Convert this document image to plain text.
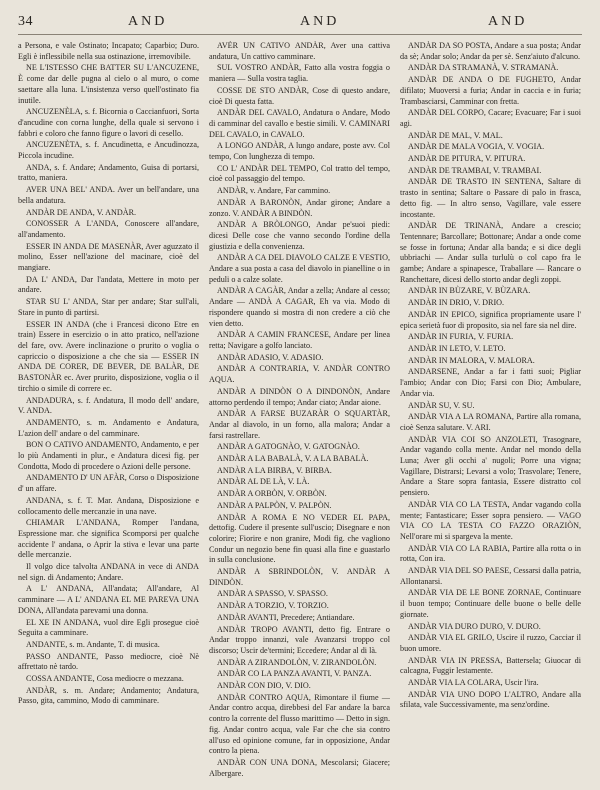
34	AND	AND	AND

a Persona, e vale Ostinato; Incapato; Caparbio; Duro. Egli è inflessibile nella sua ostinazione, irremovibile.

NE L'ISTESSO CHE BATTER SU L'ANCUZENE, È come dar delle pugna al cielo o al muro, o come saettare alla luna. L'insistenza verso quell'ostinato fia inutile.

ANCUZENÈLA, s. f. Bicornia o Caccianfuori, Sorta d'ancudine con corna lunghe, della quale si servono i fabbri e coloro che fanno figure o lavori di cesello.

ANCUZENÈTA, s. f. Ancudinetta, e Ancudinozza, Piccola incudine.

ANDA, s. f. Andare; Andamento, Guisa di portarsi, tratto, maniera.

AVER UNA BEL' ANDA. Aver un bell'andare, una bella andatura.

ANDÀR DE ANDA, V. ANDÀR.

CONOSSER A L'ANDA, Conoscere all'andare, all'andamento.

ESSER IN ANDA DE MASENÀR, Aver aguzzato il molino, Esser nell'azione del macinare, cioè del mangiare.

DA L' ANDA, Dar l'andata, Mettere in moto per andare.

STAR SU L' ANDA, Star per andare; Star sull'ali, Stare in punto di partirsi.

ESSER IN ANDA (che i Francesi dicono Etre en train) Essere in esercizio o in atto pratico, nell'azione del fare, ovv. Avere inclinazione o prurito o voglia o capriccio o disposizione a che che sia — ESSER IN ANDA DE CORER, DE BEVER, DE BALÀR, DE BASTONÀR ec. Aver prurito, disposizione, voglia o il tirchio o simile di correre ec.

ANDADURA, s. f. Andatura, Il modo dell' andare, V. ANDA.

ANDAMENTO, s. m. Andamento e Andatura, L'azion dell' andare o del camminare.

BON O CATIVO ANDAMENTO, Andamento, e per lo più Andamenti in plur., e Andatura dicesi fig. per Condotta, Modo di procedere o Azioni delle persone.

ANDAMENTO D' UN AFÀR, Corso o Disposizione d' un affare.

ANDANA, s. f. T. Mar. Andana, Disposizione e collocamento delle mercanzie in una nave.

CHIAMAR L'ANDANA, Romper l'andana, Espressione mar. che significa Scomporsi per qualche accidente l' andana, o Aprir la stiva e levar una parte delle mercanzie.

Il volgo dice talvolta ANDANA in vece di ANDA nel sign. di Andamento; Andare.

A L' ANDANA, All'andata; All'andare, Al camminare — A L' ANDANA EL ME PAREVA UNA DONA, All'andata parevami una donna.

EL XE IN ANDANA, vuol dire Egli prosegue cioè Seguita a camminare.

ANDANTE, s. m. Andante, T. di musica.

PASSO ANDANTE, Passo mediocre, cioè Nè affrettato nè tardo.

COSSA ANDANTE, Cosa mediocre o mezzana.

ANDÀR, s. m. Andare; Andamento; Andatura, Passo, gita, cammino, Modo di camminare.

AVÈR UN CATIVO ANDÀR, Aver una cattiva andatura, Un cattivo camminare.

SUL VOSTRO ANDÀR, Fatto alla vostra foggia o maniera — Sulla vostra taglia.

COSSE DE STO ANDÀR, Cose di questo andare, cioè Di questa fatta.

ANDÀR DEL CAVALO, Andatura o Andare, Modo di camminar del cavallo e bestie simili. V. CAMINARI DEL CAVALO, in CAVALO.

A LONGO ANDÀR, A lungo andare, poste avv. Col tempo, Con lunghezza di tempo.

CO L' ANDÀR DEL TEMPO, Col tratto del tempo, cioè col passaggio del tempo.

ANDÀR, v. Andare, Far cammino.

ANDÀR A BARONÒN, Andar girone; Andare a zonzo. V. ANDÀR A BINDÒN.

ANDÀR A BRÒLONGO, Andar pe'suoi piedi: dicesi Delle cose che vanno secondo l'ordine della giustizia e della convenienza.

ANDÀR A CA DEL DIAVOLO CALZE E VESTIO, Andare a sua posta a casa del diavolo in pianelline o in peduli o a calze solate.

ANDÀR A CAGÀR, Andar a zella; Andare al cesso; Andare — ANDÀ A CAGAR, Eh va via. Modo di rispondere quando si mostra di non credere a ciò che vien detto.

ANDÀR A CAMIN FRANCESE, Andare per linea retta; Navigare a golfo lanciato.

ANDÀR ADASIO, V. ADASIO.

ANDÀR A CONTRARIA, V. ANDÀR CONTRO AQUA.

ANDÀR A DINDÒN O A DINDONÒN, Andare attorno perdendo il tempo; Andar ciato; Andar aione.

ANDÀR A FARSE BUZARÀR O SQUARTÀR, Andar al diavolo, in un forno, alla malora; Andar a farsi rastrellare.

ANDÀR A GATOGNÀO, V. GATOGNÀO.

ANDÀR A LA BABALÀ, V. A LA BABALÀ.

ANDÀR A LA BIRBA, V. BIRBA.

ANDÀR AL DE LÀ, V. LÀ.

ANDÀR A ORBÒN, V. ORBÒN.

ANDÀR A PALPÒN, V. PALPÒN.

ANDÀR A ROMA E NO VEDER EL PAPA, dettofig. Cudere il presente sull'uscio; Disegnare e non colorire; Fiorire e non granire, Modi fig. che vagliono Condur un negozio bene fin quasi alla fine e guastarlo in sulla conclusione.

ANDÀR A SBRINDOLÒN, V. ANDÀR A DINDÒN.

ANDÀR A SPASSO, V. SPASSO.

ANDÀR A TORZIO, V. TORZIO.

ANDÀR AVANTI, Precedere; Antiandare.

ANDÀR TROPO AVANTI, detto fig. Entrare o Andar troppo innanzi, vale Avanzarsi troppo col discorso; Uscir de'termini; Eccedere; Andar al di là.

ANDÀR A ZIRANDOLÒN, V. ZIRANDOLÒN.

ANDÀR CO LA PANZA AVANTI, V. PANZA.

ANDÀR CON DIO, V. DIO.

ANDÀR CONTRO AQUA, Rimontare il fiume — Andar contro acqua, direbbesi del Far andare la barca contro la corrente del flusso marittimo — Detto in sign. fig. Andar contro acqua, vale Far che che sia contro all'uso ed opinione comune, far in opposizione, Andar contro la piena.

ANDÀR CON UNA DONA, Mescolarsi; Giacere; Albergare.

ANDÀR DA SO POSTA, Andare a sua posta; Andar da sè; Andar solo; Andar da per sè. Senz'aiuto d'alcuno.

ANDÀR DA STRAMANÀ, V. STRAMANÀ.

ANDÀR DE ANDA O DE FUGHETO, Andar difilato; Muoversi a furia; Andar in caccia e in furia; Trambasciarsi, Camminar con fretta.

ANDÀR DEL CORPO, Cacare; Evacuare; Far i suoi agi.

ANDÀR DE MAL, V. MAL.

ANDÀR DE MALA VOGIA, V. VOGIA.

ANDÀR DE PITURA, V. PITURA.

ANDÀR DE TRAMBAI, V. TRAMBAI.

ANDÀR DE TRASTO IN SENTENA, Saltare di trasto in sentina; Saltare o Passare di palo in frasca, detto fig. — In altro senso, Vagillare, vale essere incostante.

ANDÀR DE TRINANÀ, Andare a crescio; Tentennare; Barcollare; Bottonare; Andar a onde come se fosse in fortuna; Andar alla banda; e si dice degli ubbriachi — Andar sulla turlulù o col capo fra le gambe; Andare a spinapesce, Traballare — Rancare o Ranchettare, dicesi dello storto andar degli zoppi.

ANDÀR IN BÙZARE, V. BÙZARA.

ANDÀR IN DRIO, V. DRIO.

ANDÀR IN EPICO, significa propriamente usare l' epica serietà fuor di proposito, sia nel fare sia nel dire.

ANDÀR IN FURIA, V. FURIA.

ANDÀR IN LETO, V. LETO.

ANDÀR IN MALORA, V. MALORA.

ANDARSENE, Andar a far i fatti suoi; Pigliar l'ambio; Andar con Dio; Farsi con Dio; Ambulare, Andar via.

ANDÀR SU, V. SU.

ANDÀR VIA A LA ROMANA, Partire alla romana, cioè Senza salutare. V. ARI.

ANDÀR VIA COI SO ANZOLETI, Trasognare, Andar vagando colla mente. Andar nel mondo della Luna; Aver gli occhi a' nugoli; Porre una vigna; Vagillare, Distrarsi; Levarsi a volo; Trasvolare; Tenere, Andare a Stare sopra fantasia, Essere distratto col pensiero.

ANDÀR VIA CO LA TESTA, Andar vagando colla mente; Fantasticare; Esser sopra pensiero. — VAGO VIA CO LA TESTA CO FAZZO ORAZIÒN, Nell'orare mi si spargeva la mente.

ANDÀR VIA CO LA RABIA, Partire alla rotta o in rotta, Con ira.

ANDÀR VIA DEL SO PAESE, Cessarsi dalla patria, Allontanarsi.

ANDÀR VIA DE LE BONE ZORNAE, Continuare il buon tempo; Continuare delle buone o belle delle giornate.

ANDÀR VIA DURO DURO, V. DURO.

ANDÀR VIA EL GRILO, Uscire il ruzzo, Cacciar il buon umore.

ANDÀR VIA IN PRESSA, Battersela; Giuocar di calcagna, Fuggir lestamente.

ANDÀR VIA LA COLARA, Uscir l'ira.

ANDÀR VIA UNO DOPO L'ALTRO, Andare alla sfilata, vale Successivamente, ma senz'ordine.
